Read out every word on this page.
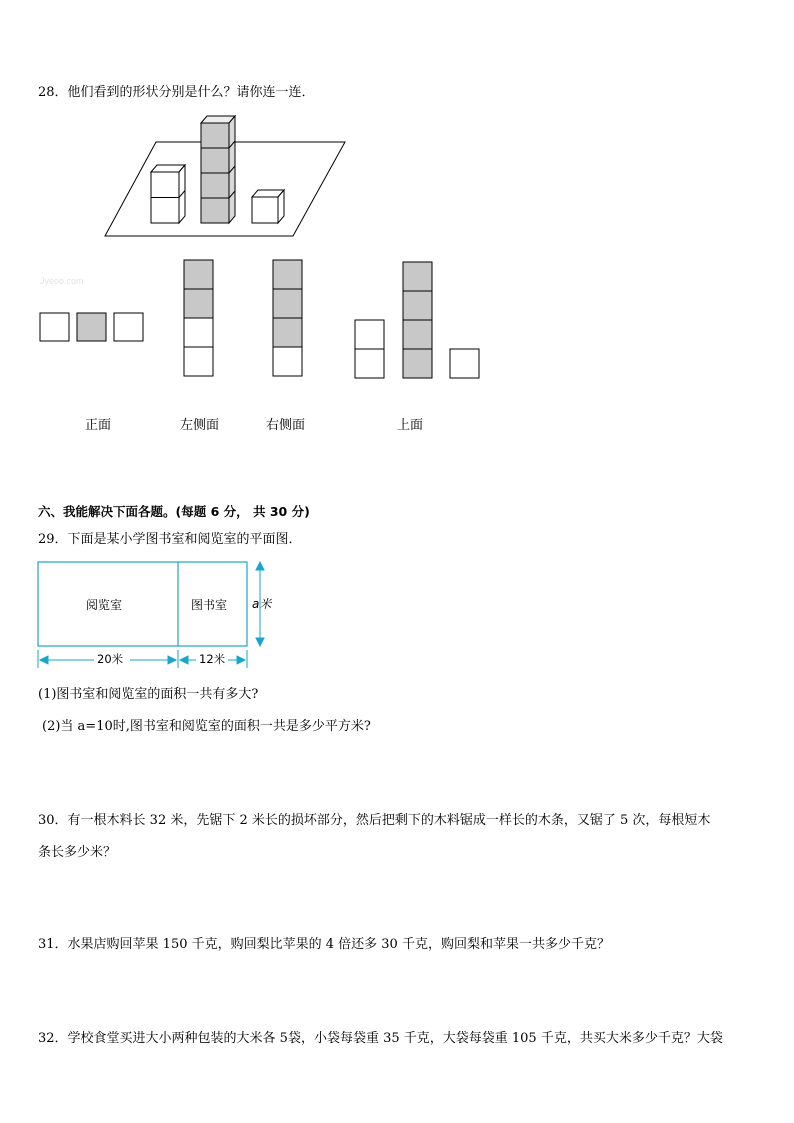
28．他们看到的形状分别是什么？请你连一连．
Jyeoo.com
正面	左侧面	右侧面	上面
六、我能解决下面各题。(每题 6 分， 共 30 分)
29．下面是某小学图书室和阅览室的平面图．
阅览室	图书室 a米
20米	12米
(1)图书室和阅览室的面积一共有多大?
(2)当 a=10时,图书室和阅览室的面积一共是多少平方米?
30．有一根木料长 32 米，先锯下 2 米长的损坏部分，然后把剩下的木料锯成一样长的木条，又锯了 5 次，每根短木
条长多少米？
31．水果店购回苹果 150 千克，购回梨比苹果的 4 倍还多 30 千克，购回梨和苹果一共多少千克？
32．学校食堂买进大小两种包装的大米各 5袋，小袋每袋重 35 千克，大袋每袋重 105 千克，共买大米多少千克？大袋
